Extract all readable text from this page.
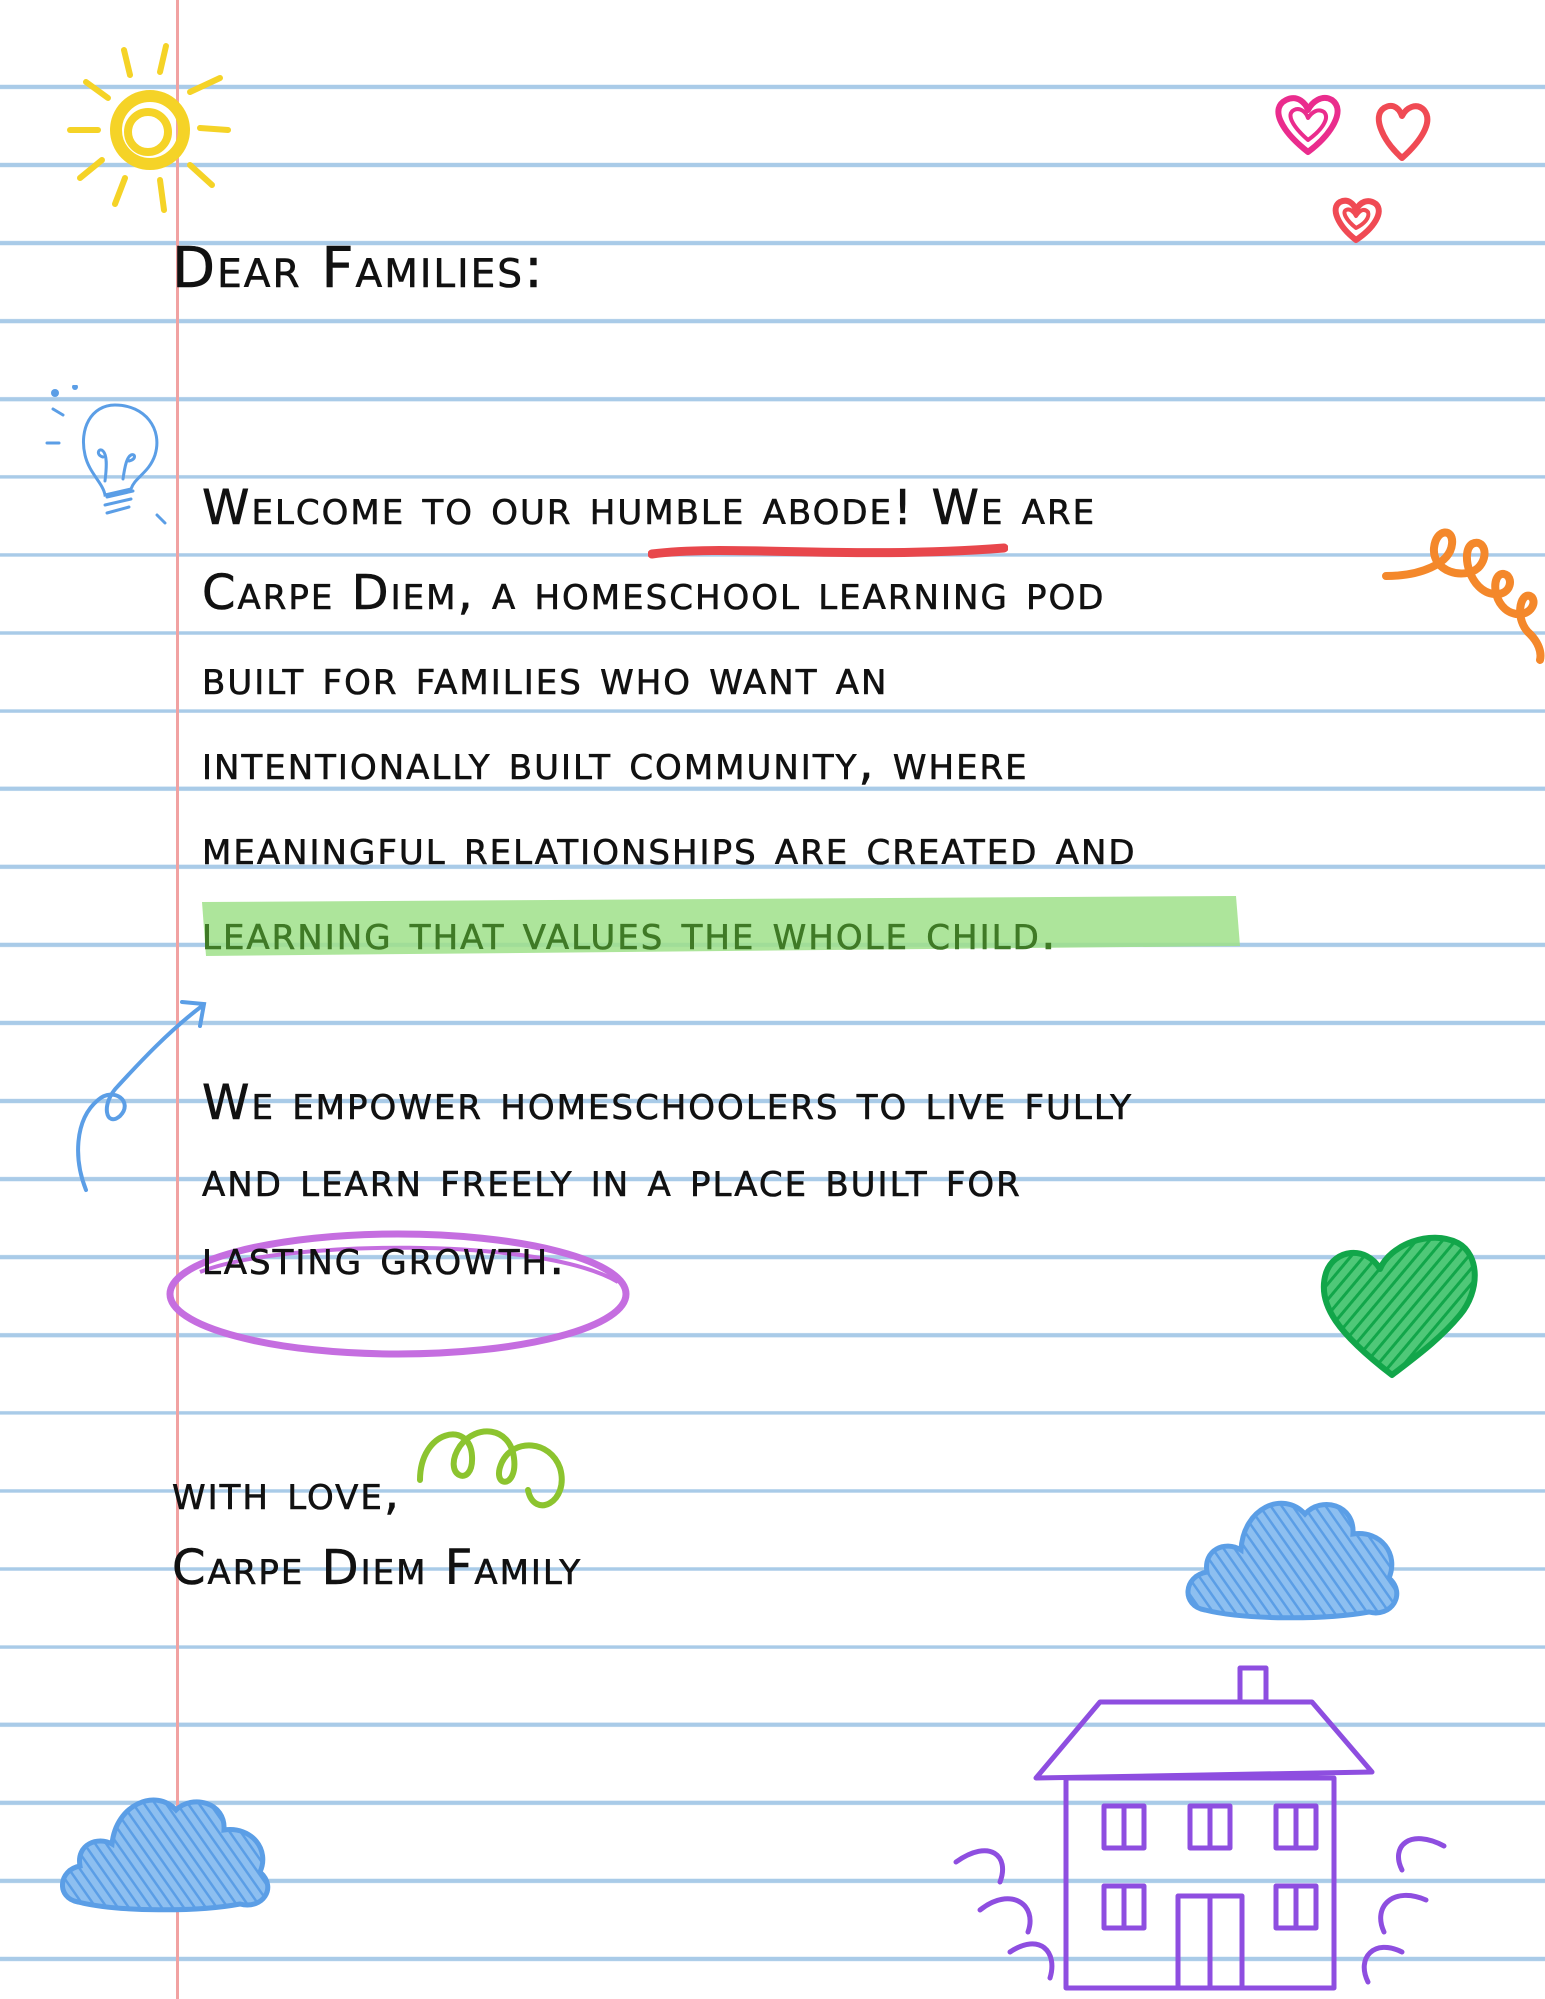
Dear Families:

Welcome to our humble abode! We are

Carpe Diem, a homeschool learning pod

built for families who want an

intentionally built community, where

meaningful relationships are created and

learning that values the whole child.

We empower homeschoolers to live fully

and learn freely in a place built for

lasting growth.

with love,

Carpe Diem Family
